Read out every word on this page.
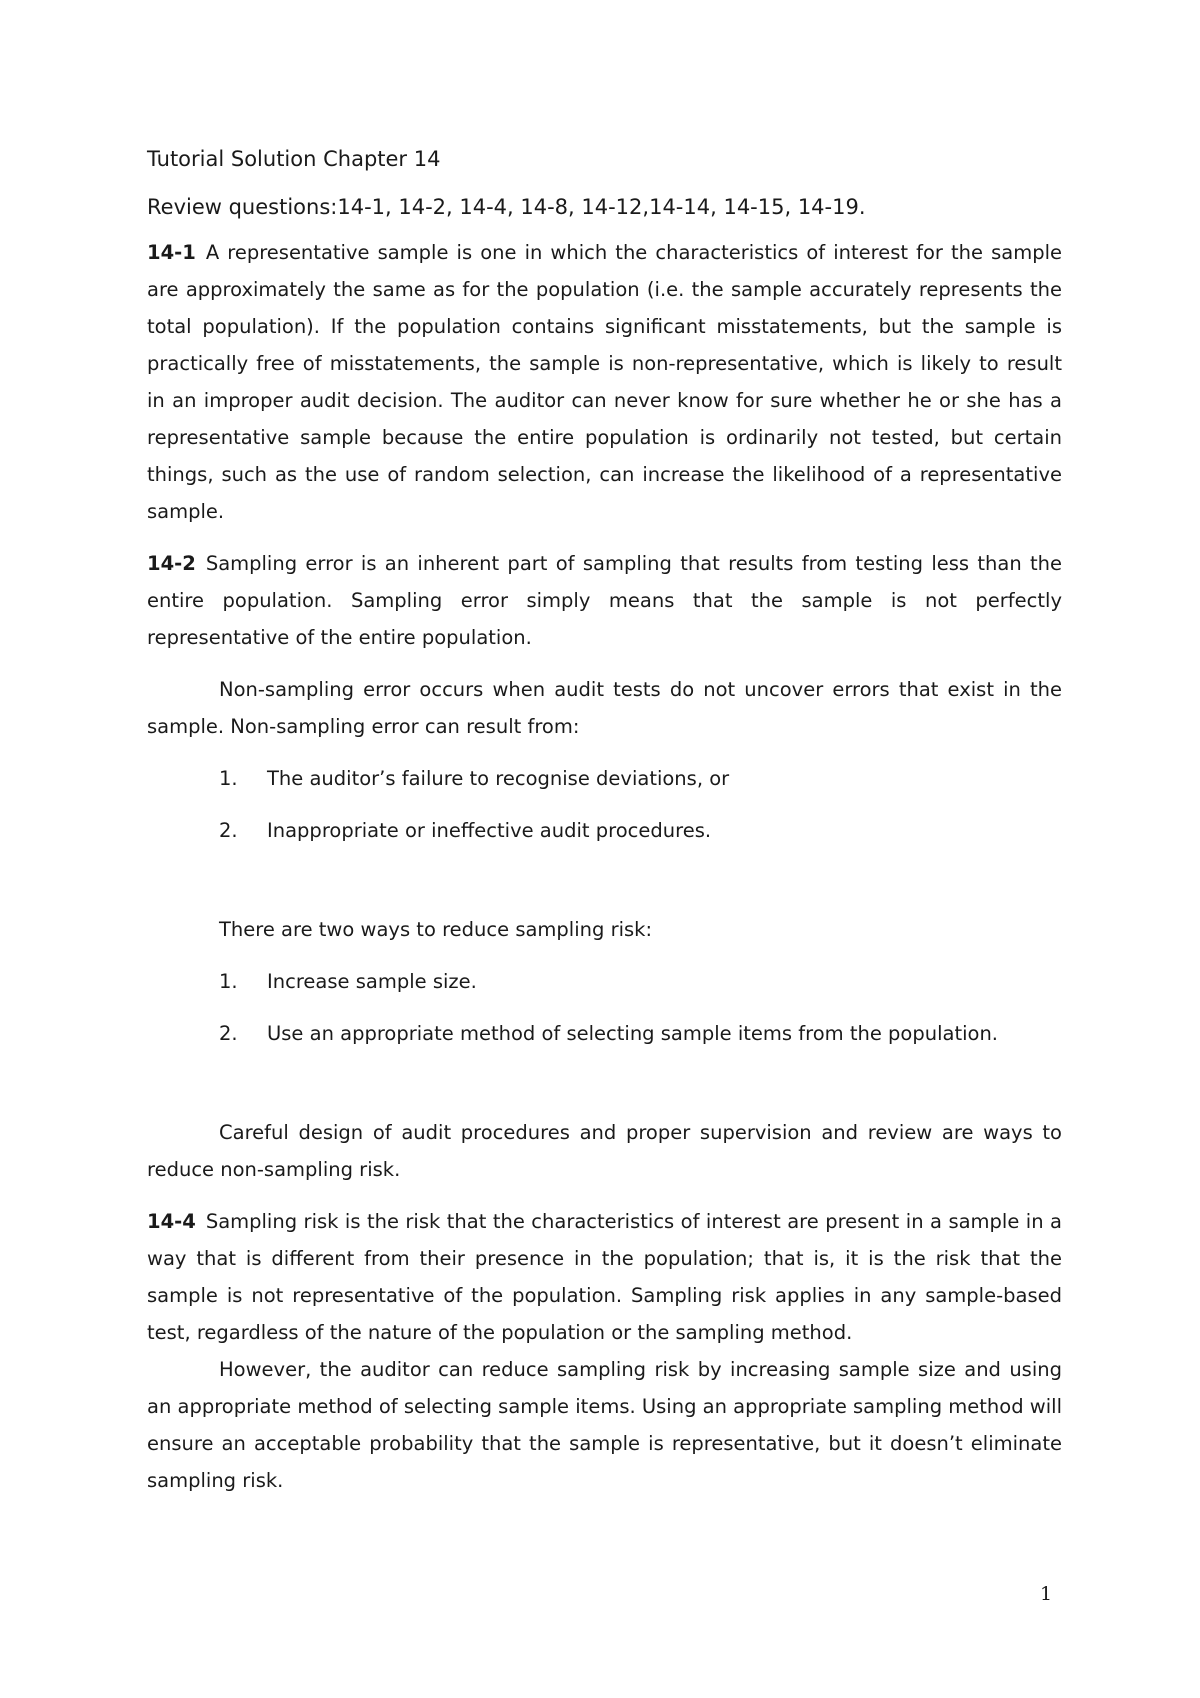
Tutorial Solution Chapter 14

Review questions:14-1, 14-2, 14-4, 14-8, 14-12,14-14, 14-15, 14-19.

14-1 A representative sample is one in which the characteristics of interest for the sample are approximately the same as for the population (i.e. the sample accurately represents the total population). If the population contains significant misstatements, but the sample is practically free of misstatements, the sample is non-representative, which is likely to result in an improper audit decision. The auditor can never know for sure whether he or she has a representative sample because the entire population is ordinarily not tested, but certain things, such as the use of random selection, can increase the likelihood of a representative sample.

14-2 Sampling error is an inherent part of sampling that results from testing less than the entire population. Sampling error simply means that the sample is not perfectly representative of the entire population.

Non-sampling error occurs when audit tests do not uncover errors that exist in the sample. Non-sampling error can result from:

1.	The auditor’s failure to recognise deviations, or
2.	Inappropriate or ineffective audit procedures.

There are two ways to reduce sampling risk:

1.	Increase sample size.
2.	Use an appropriate method of selecting sample items from the population.

Careful design of audit procedures and proper supervision and review are ways to reduce non-sampling risk.

14-4 Sampling risk is the risk that the characteristics of interest are present in a sample in a way that is different from their presence in the population; that is, it is the risk that the sample is not representative of the population. Sampling risk applies in any sample-based test, regardless of the nature of the population or the sampling method.

However, the auditor can reduce sampling risk by increasing sample size and using an appropriate method of selecting sample items. Using an appropriate sampling method will ensure an acceptable probability that the sample is representative, but it doesn’t eliminate sampling risk.

1
